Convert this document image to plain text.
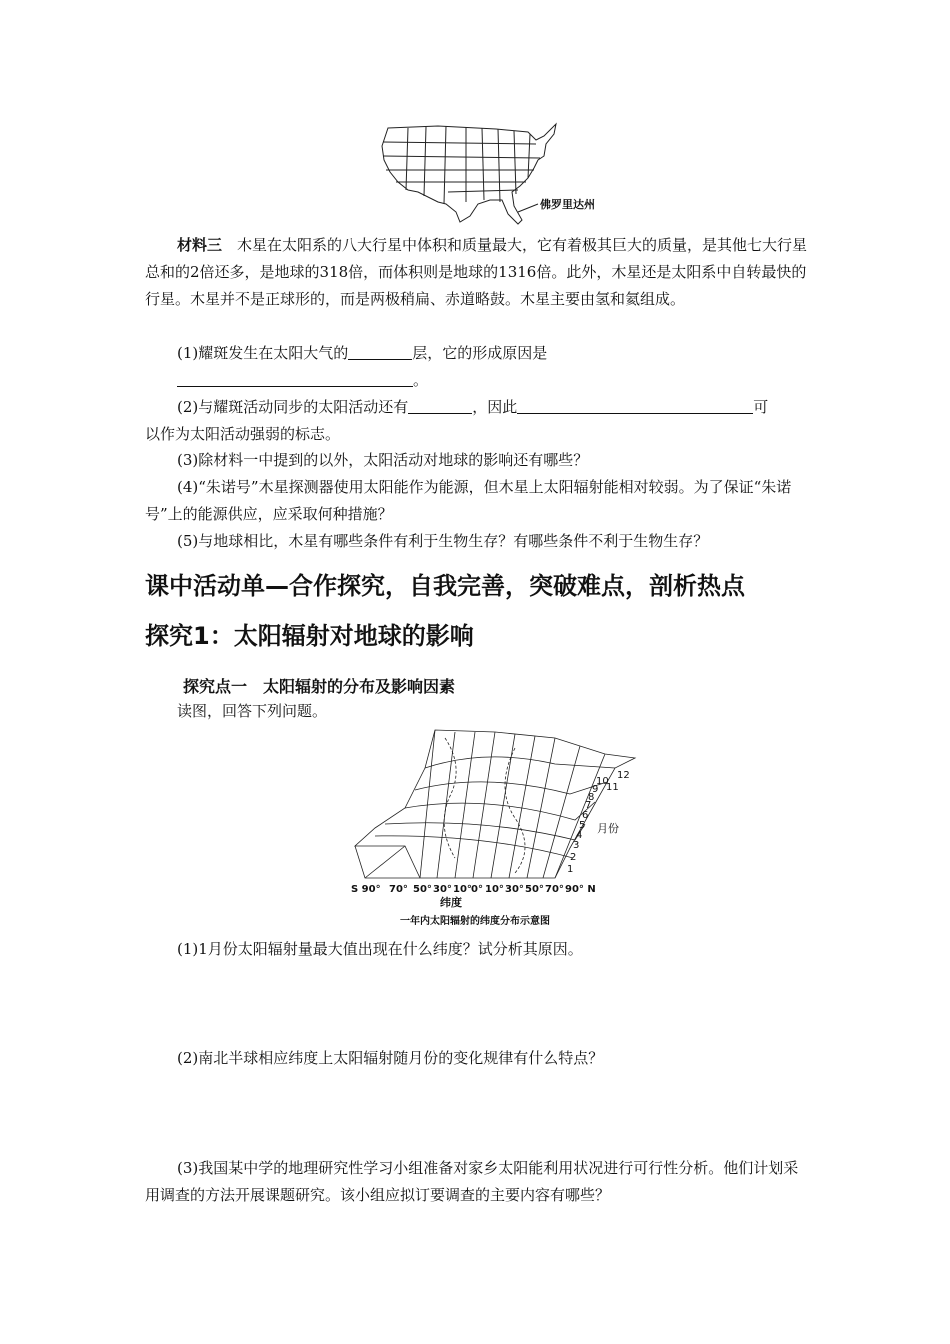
佛罗里达州

材料三　 木星在太阳系的八大行星中体积和质量最大，它有着极其巨大的质量，是其他七大行星总和的2倍还多，是地球的318倍，而体积则是地球的1316倍。此外，木星还是太阳系中自转最快的行星。木星并不是正球形的，而是两极稍扁、赤道略鼓。木星主要由氢和氦组成。

(1)耀斑发生在太阳大气的	层，它的形成原因是

。

(2)与耀斑活动同步的太阳活动还有	，因此	可

以作为太阳活动强弱的标志。

(3)除材料一中提到的以外，太阳活动对地球的影响还有哪些？

(4)“朱诺号”木星探测器使用太阳能作为能源，但木星上太阳辐射能相对较弱。为了保证“朱诺号”上的能源供应，应采取何种措施？

(5)与地球相比，木星有哪些条件有利于生物生存？有哪些条件不利于生物生存？

课中活动单—合作探究，自我完善，突破难点，剖析热点
探究1：太阳辐射对地球的影响
探究点一　太阳辐射的分布及影响因素

读图，回答下列问题。

1
2
3
4
5
6
7
8
9
10
11
12
月份
S 90° 70° 50° 30° 10° 0° 10° 30° 50° 70° 90° N
纬度
一年内太阳辐射的纬度分布示意图

(1)1月份太阳辐射量最大值出现在什么纬度？试分析其原因。

(2)南北半球相应纬度上太阳辐射随月份的变化规律有什么特点？

(3)我国某中学的地理研究性学习小组准备对家乡太阳能利用状况进行可行性分析。他们计划采用调查的方法开展课题研究。该小组应拟订要调查的主要内容有哪些？
